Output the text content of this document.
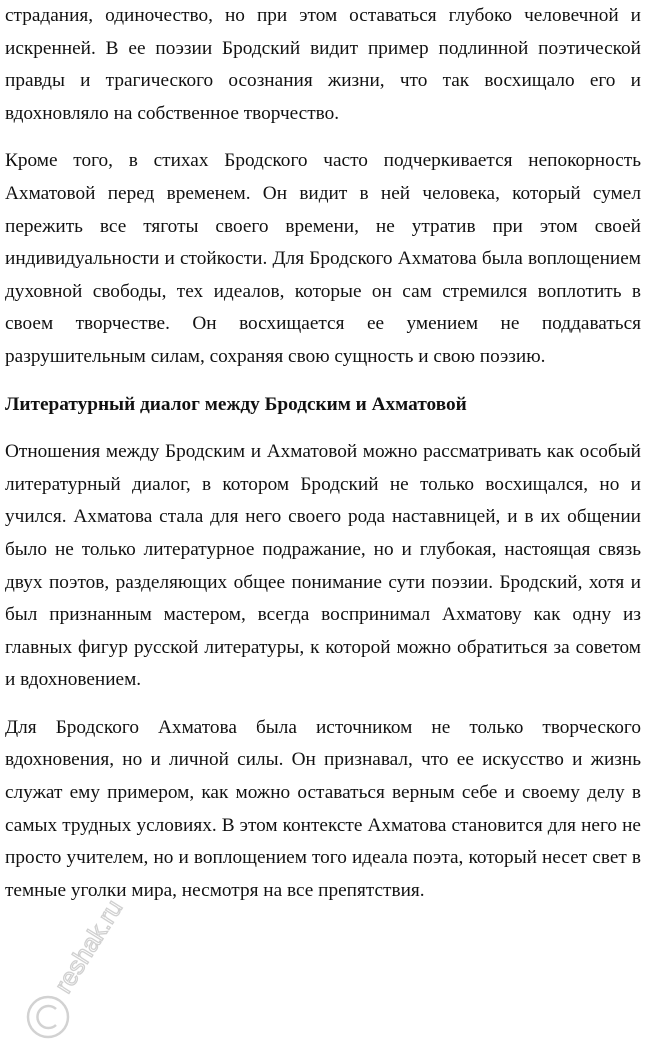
страдания, одиночество, но при этом оставаться глубоко человечной и искренней. В ее поэзии Бродский видит пример подлинной поэтической правды и трагического осознания жизни, что так восхищало его и вдохновляло на собственное творчество.

Кроме того, в стихах Бродского часто подчеркивается непокорность Ахматовой перед временем. Он видит в ней человека, который сумел пережить все тяготы своего времени, не утратив при этом своей индивидуальности и стойкости. Для Бродского Ахматова была воплощением духовной свободы, тех идеалов, которые он сам стремился воплотить в своем творчестве. Он восхищается ее умением не поддаваться разрушительным силам, сохраняя свою сущность и свою поэзию.

Литературный диалог между Бродским и Ахматовой

Отношения между Бродским и Ахматовой можно рассматривать как особый литературный диалог, в котором Бродский не только восхищался, но и учился. Ахматова стала для него своего рода наставницей, и в их общении было не только литературное подражание, но и глубокая, настоящая связь двух поэтов, разделяющих общее понимание сути поэзии. Бродский, хотя и был признанным мастером, всегда воспринимал Ахматову как одну из главных фигур русской литературы, к которой можно обратиться за советом и вдохновением.

Для Бродского Ахматова была источником не только творческого вдохновения, но и личной силы. Он признавал, что ее искусство и жизнь служат ему примером, как можно оставаться верным себе и своему делу в самых трудных условиях. В этом контексте Ахматова становится для него не просто учителем, но и воплощением того идеала поэта, который несет свет в темные уголки мира, несмотря на все препятствия.

reshak.ru
